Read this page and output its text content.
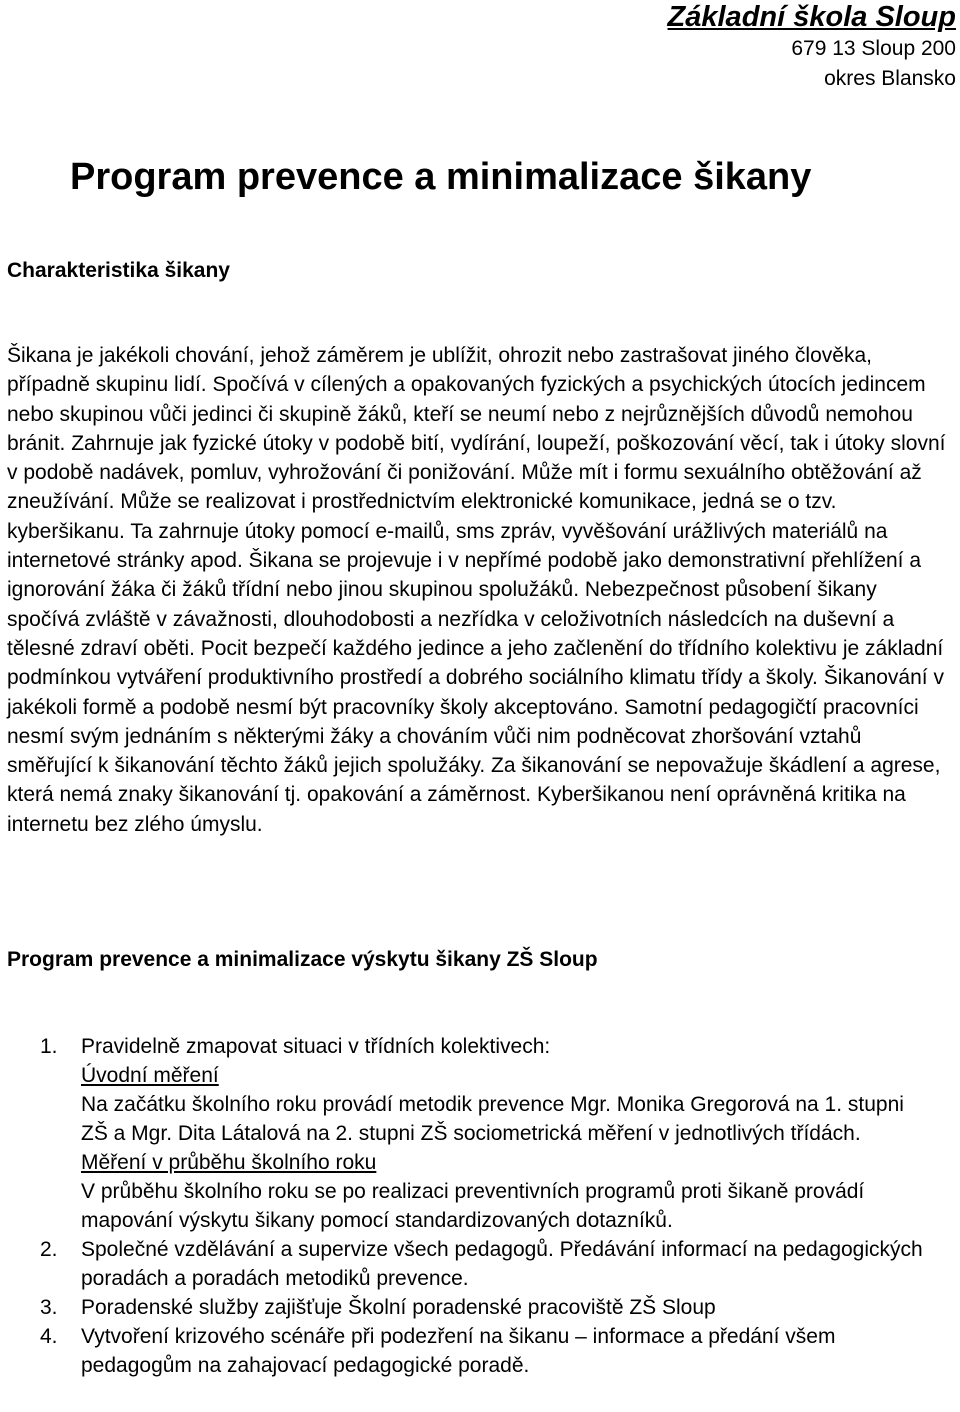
Základní škola Sloup
679 13 Sloup 200
okres Blansko
Program prevence a minimalizace šikany
Charakteristika šikany

Šikana je jakékoli chování, jehož záměrem je ublížit, ohrozit nebo zastrašovat jiného člověka, případně skupinu lidí. Spočívá v cílených a opakovaných fyzických a psychických útocích jedincem nebo skupinou vůči jedinci či skupině žáků, kteří se neumí nebo z nejrůznějších důvodů nemohou bránit. Zahrnuje jak fyzické útoky v podobě bití, vydírání, loupeží, poškozování věcí, tak i útoky slovní v podobě nadávek, pomluv, vyhrožování či ponižování. Může mít i formu sexuálního obtěžování až zneužívání. Může se realizovat i prostřednictvím elektronické komunikace, jedná se o tzv. kyberšikanu. Ta zahrnuje útoky pomocí e-mailů, sms zpráv, vyvěšování urážlivých materiálů na internetové stránky apod. Šikana se projevuje i v nepřímé podobě jako demonstrativní přehlížení a ignorování žáka či žáků třídní nebo jinou skupinou spolužáků. Nebezpečnost působení šikany spočívá zvláště v závažnosti, dlouhodobosti a nezřídka v celoživotních následcích na duševní a tělesné zdraví oběti. Pocit bezpečí každého jedince a jeho začlenění do třídního kolektivu je základní podmínkou vytváření produktivního prostředí a dobrého sociálního klimatu třídy a školy. Šikanování v jakékoli formě a podobě nesmí být pracovníky školy akceptováno. Samotní pedagogičtí pracovníci nesmí svým jednáním s některými žáky a chováním vůči nim podněcovat zhoršování vztahů směřující k šikanování těchto žáků jejich spolužáky. Za šikanování se nepovažuje škádlení a agrese, která nemá znaky šikanování tj. opakování a záměrnost. Kyberšikanou není oprávněná kritika na internetu bez zlého úmyslu.

Program prevence a minimalizace výskytu šikany ZŠ Sloup
1. Pravidelně zmapovat situaci v třídních kolektivech:
Úvodní měření
Na začátku školního roku provádí metodik prevence Mgr. Monika Gregorová na 1. stupni ZŠ a Mgr. Dita Látalová na 2. stupni ZŠ sociometrická měření v jednotlivých třídách.
Měření v průběhu školního roku
V průběhu školního roku se po realizaci preventivních programů proti šikaně provádí mapování výskytu šikany pomocí standardizovaných dotazníků.
2. Společné vzdělávání a supervize všech pedagogů. Předávání informací na pedagogických poradách a poradách metodiků prevence.
3. Poradenské služby zajišťuje Školní poradenské pracoviště ZŠ Sloup
4. Vytvoření krizového scénáře při podezření na šikanu – informace a předání všem pedagogům na zahajovací pedagogické poradě.
